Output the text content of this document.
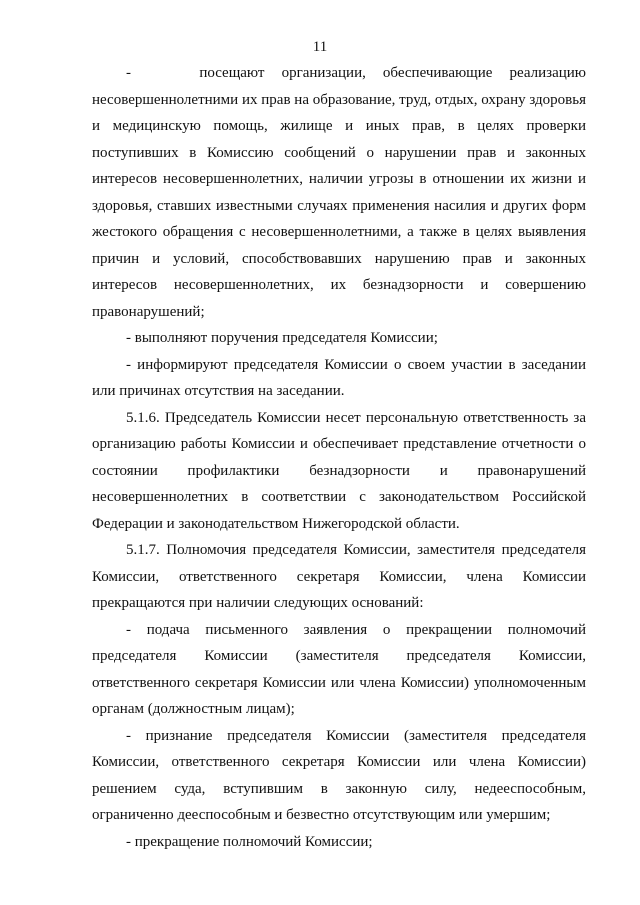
11

-    посещают организации, обеспечивающие реализацию несовершеннолетними их прав на образование, труд, отдых, охрану здоровья и медицинскую помощь, жилище и иных прав, в целях проверки поступивших в Комиссию сообщений о нарушении прав и законных интересов несовершеннолетних, наличии угрозы в отношении их жизни и здоровья, ставших известными случаях применения насилия и других форм жестокого обращения с несовершеннолетними, а также в целях выявления причин и условий, способствовавших нарушению прав и законных интересов несовершеннолетних, их безнадзорности и совершению правонарушений;

- выполняют поручения председателя Комиссии;

- информируют председателя Комиссии о своем участии в заседании или причинах отсутствия на заседании.

5.1.6. Председатель Комиссии несет персональную ответственность за организацию работы Комиссии и обеспечивает представление отчетности о состоянии профилактики безнадзорности и правонарушений несовершеннолетних в соответствии с законодательством Российской Федерации и законодательством Нижегородской области.

5.1.7. Полномочия председателя Комиссии, заместителя председателя Комиссии, ответственного секретаря Комиссии, члена Комиссии прекращаются при наличии следующих оснований:

- подача письменного заявления о прекращении полномочий председателя Комиссии (заместителя председателя Комиссии, ответственного секретаря Комиссии или члена Комиссии) уполномоченным органам (должностным лицам);

- признание председателя Комиссии (заместителя председателя Комиссии, ответственного секретаря Комиссии или члена Комиссии) решением суда, вступившим в законную силу, недееспособным, ограниченно дееспособным и безвестно отсутствующим или умершим;

- прекращение полномочий Комиссии;
